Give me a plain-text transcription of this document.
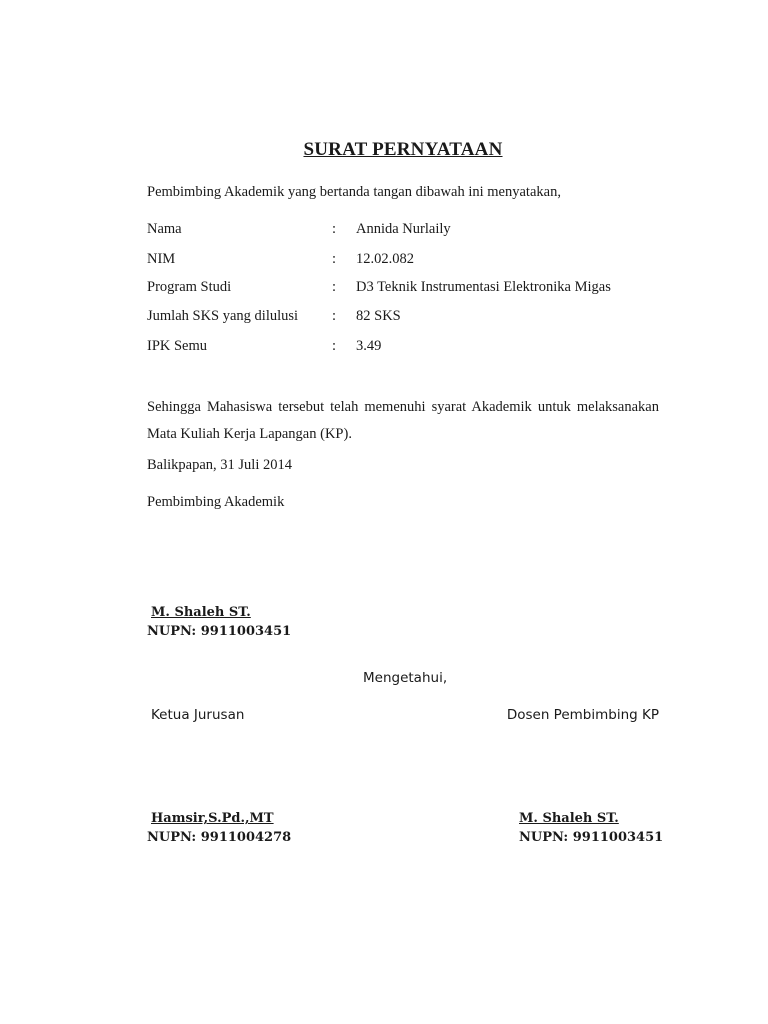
SURAT PERNYATAAN
Pembimbing Akademik yang bertanda tangan dibawah ini menyatakan,
Nama	: Annida Nurlaily
NIM	: 12.02.082
Program Studi	: D3 Teknik Instrumentasi Elektronika Migas
Jumlah SKS yang dilulusi : 82 SKS
IPK Semu	: 3.49
Sehingga Mahasiswa tersebut telah memenuhi syarat Akademik untuk melaksanakan Mata Kuliah Kerja Lapangan (KP).
Balikpapan, 31 Juli 2014
Pembimbing Akademik
M. Shaleh ST.
NUPN: 9911003451
Mengetahui,
Ketua Jurusan	Dosen Pembimbing KP
Hamsir,S.Pd.,MT
NUPN: 9911004278
M. Shaleh ST.
NUPN: 9911003451
